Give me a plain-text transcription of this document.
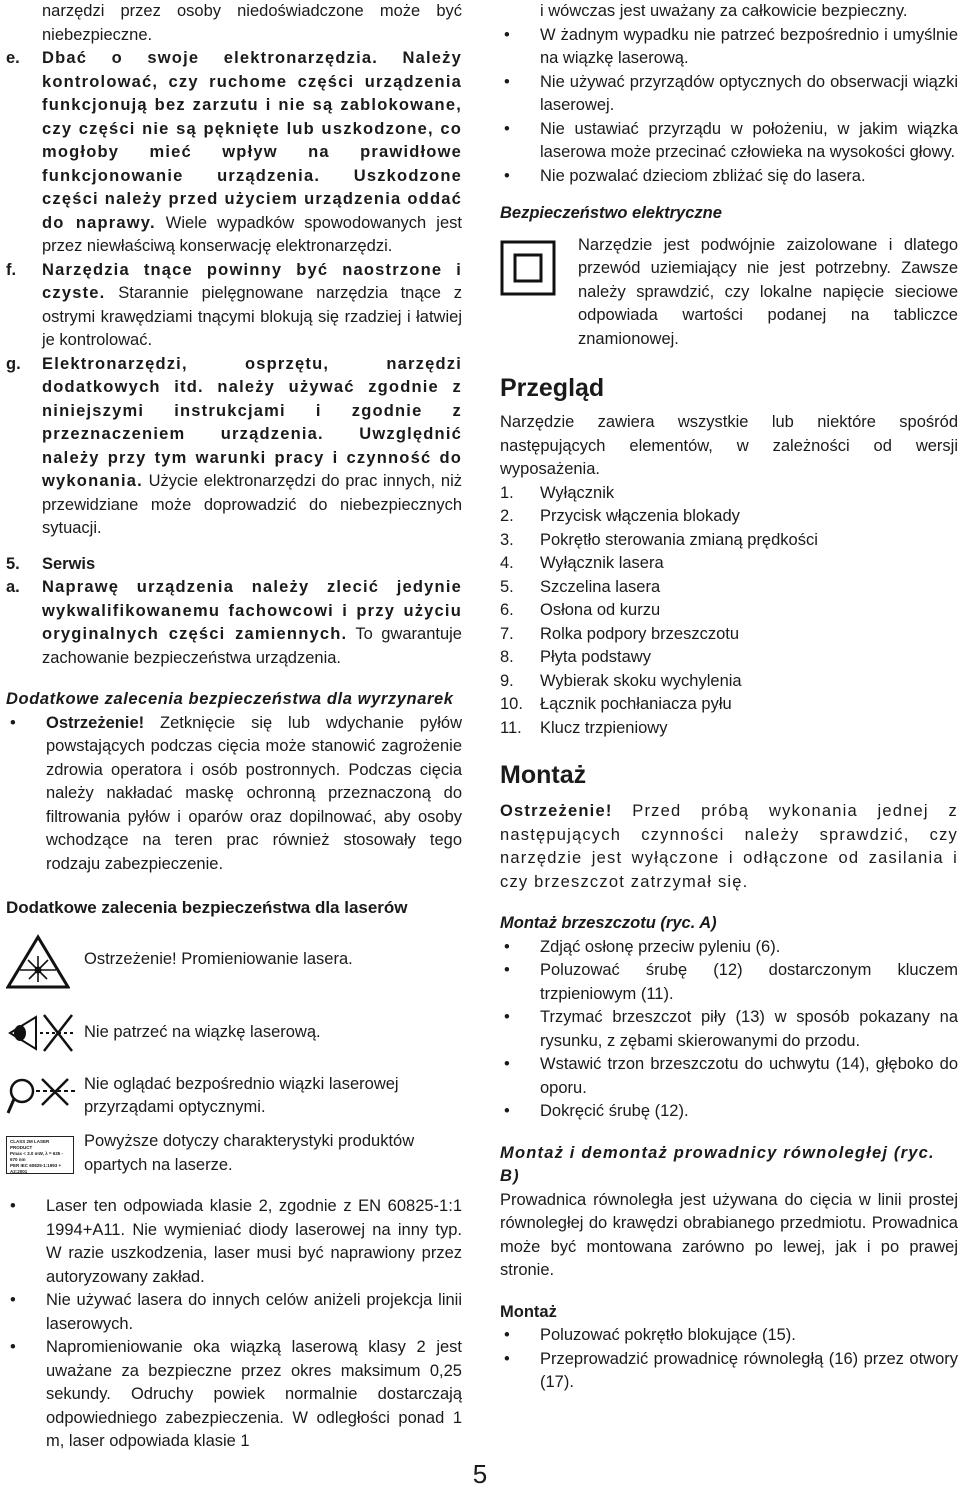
narzędzi przez osoby niedoświadczone może być niebezpieczne.

e.	Dbać o swoje elektronarzędzia. Należy kontrolować, czy ruchome części urządzenia funkcjonują bez zarzutu i nie są zablokowane, czy części nie są pęknięte lub uszkodzone, co mogłoby mieć wpływ na prawidłowe funkcjonowanie urządzenia. Uszkodzone części należy przed użyciem urządzenia oddać do naprawy. Wiele wypadków spowodowanych jest przez niewłaściwą konserwację elektronarzędzi.

f.	Narzędzia tnące powinny być naostrzone i czyste. Starannie pielęgnowane narzędzia tnące z ostrymi krawędziami tnącymi blokują się rzadziej i łatwiej je kontrolować.

g.	Elektronarzędzi, osprzętu, narzędzi dodatkowych itd. należy używać zgodnie z niniejszymi instrukcjami i zgodnie z przeznaczeniem urządzenia. Uwzględnić należy przy tym warunki pracy i czynność do wykonania. Użycie elektronarzędzi do prac innych, niż przewidziane może doprowadzić do niebezpiecznych sytuacji.

5.	Serwis
a.	Naprawę urządzenia należy zlecić jedynie wykwalifikowanemu fachowcowi i przy użyciu oryginalnych części zamiennych. To gwarantuje zachowanie bezpieczeństwa urządzenia.

Dodatkowe zalecenia bezpieczeństwa dla wyrzynarek

•	Ostrzeżenie! Zetknięcie się lub wdychanie pyłów powstających podczas cięcia może stanowić zagrożenie zdrowia operatora i osób postronnych. Podczas cięcia należy nakładać maskę ochronną przeznaczoną do filtrowania pyłów i oparów oraz dopilnować, aby osoby wchodzące na teren prac również stosowały tego rodzaju zabezpieczenie.

Dodatkowe zalecenia bezpieczeństwa dla laserów

Ostrzeżenie! Promieniowanie lasera.

Nie patrzeć na wiązkę laserową.

Nie oglądać bezpośrednio wiązki laserowej przyrządami optycznymi.

CLASS 2M LASER PRODUCT
Pmax < 3.0 mW, λ = 635 - 670 nm
PER IEC 60825-1:1993 + A2:2001

Powyższe dotyczy charakterystyki produktów opartych na laserze.

•	Laser ten odpowiada klasie 2, zgodnie z EN 60825-1:1 1994+A11. Nie wymieniać diody laserowej na inny typ. W razie uszkodzenia, laser musi być naprawiony przez autoryzowany zakład.

•	Nie używać lasera do innych celów aniżeli projekcja linii laserowych.

•	Napromieniowanie oka wiązką laserową klasy 2 jest uważane za bezpieczne przez okres maksimum 0,25 sekundy. Odruchy powiek normalnie dostarczają odpowiedniego zabezpieczenia. W odległości ponad 1 m, laser odpowiada klasie 1

i wówczas jest uważany za całkowicie bezpieczny.

•	W żadnym wypadku nie patrzeć bezpośrednio i umyślnie na wiązkę laserową.

•	Nie używać przyrządów optycznych do obserwacji wiązki laserowej.

•	Nie ustawiać przyrządu w położeniu, w jakim wiązka laserowa może przecinać człowieka na wysokości głowy.

•	Nie pozwalać dzieciom zbliżać się do lasera.

Bezpieczeństwo elektryczne

Narzędzie jest podwójnie zaizolowane i dlatego przewód uziemiający nie jest potrzebny. Zawsze należy sprawdzić, czy lokalne napięcie sieciowe odpowiada wartości podanej na tabliczce znamionowej.

Przegląd

Narzędzie zawiera wszystkie lub niektóre spośród następujących elementów, w zależności od wersji wyposażenia.

1.	Wyłącznik
2.	Przycisk włączenia blokady
3.	Pokrętło sterowania zmianą prędkości
4.	Wyłącznik lasera
5.	Szczelina lasera
6.	Osłona od kurzu
7.	Rolka podpory brzeszczotu
8.	Płyta podstawy
9.	Wybierak skoku wychylenia
10.	Łącznik pochłaniacza pyłu
11.	Klucz trzpieniowy
Montaż

Ostrzeżenie! Przed próbą wykonania jednej z następujących czynności należy sprawdzić, czy narzędzie jest wyłączone i odłączone od zasilania i czy brzeszczot zatrzymał się.

Montaż brzeszczotu (ryc. A)

•	Zdjąć osłonę przeciw pyleniu (6).

•	Poluzować śrubę (12) dostarczonym kluczem trzpieniowym (11).

•	Trzymać brzeszczot piły (13) w sposób pokazany na rysunku, z zębami skierowanymi do przodu.

•	Wstawić trzon brzeszczotu do uchwytu (14), głęboko do oporu.

•	Dokręcić śrubę (12).

Montaż i demontaż prowadnicy równoległej (ryc. B)

Prowadnica równoległa jest używana do cięcia w linii prostej równoległej do krawędzi obrabianego przedmiotu. Prowadnica może być montowana zarówno po lewej, jak i po prawej stronie.

Montaż

•	Poluzować pokrętło blokujące (15).

•	Przeprowadzić prowadnicę równoległą (16) przez otwory (17).

5
